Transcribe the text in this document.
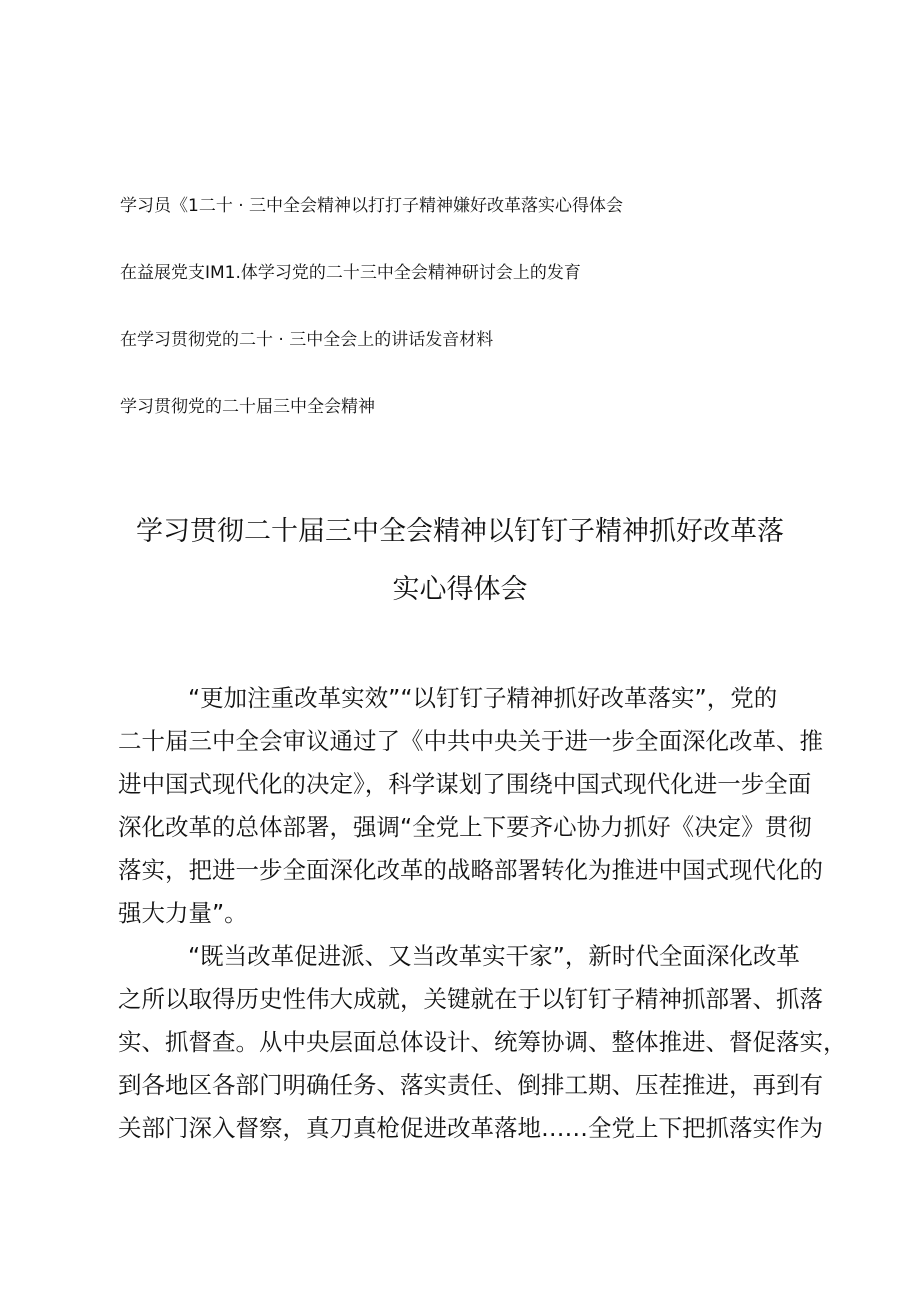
学习员《1二十 · 三中全会精神以打打子精神嫌好改革落实心得体会
在益展党支IM1.体学习党的二十三中全会精神研讨会上的发育
在学习贯彻党的二十 · 三中全会上的讲话发音材料
学习贯彻党的二十届三中全会精神
学习贯彻二十届三中全会精神以钉钉子精神抓好改革落
实心得体会
“更加注重改革实效”“以钉钉子精神抓好改革落实”，党的
二十届三中全会审议通过了《中共中央关于进一步全面深化改革、推
进中国式现代化的决定》，科学谋划了围绕中国式现代化进一步全面
深化改革的总体部署，强调“全党上下要齐心协力抓好《决定》贯彻
落实，把进一步全面深化改革的战略部署转化为推进中国式现代化的
强大力量”。
“既当改革促进派、又当改革实干家”，新时代全面深化改革
之所以取得历史性伟大成就，关键就在于以钉钉子精神抓部署、抓落
实、抓督查。从中央层面总体设计、统筹协调、整体推进、督促落实，
到各地区各部门明确任务、落实责任、倒排工期、压茬推进，再到有
关部门深入督察，真刀真枪促进改革落地……全党上下把抓落实作为
